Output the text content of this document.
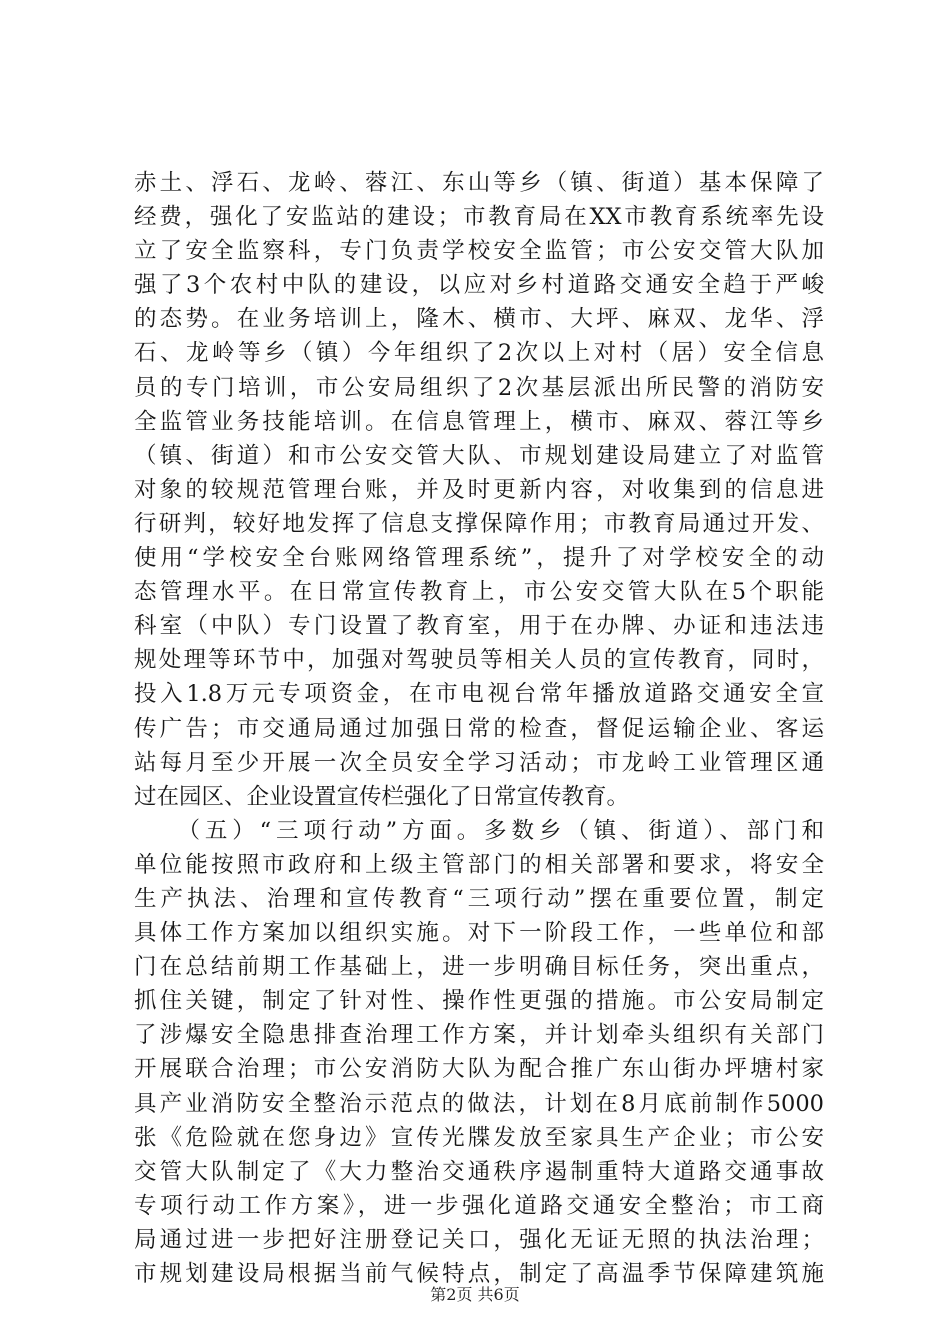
赤土、浮石、龙岭、蓉江、东山等乡（镇、街道）基本保障了
经费，强化了安监站的建设；市教育局在XX市教育系统率先设
立了安全监察科，专门负责学校安全监管；市公安交管大队加
强了3个农村中队的建设，以应对乡村道路交通安全趋于严峻
的态势。在业务培训上，隆木、横市、大坪、麻双、龙华、浮
石、龙岭等乡（镇）今年组织了2次以上对村（居）安全信息
员的专门培训，市公安局组织了2次基层派出所民警的消防安
全监管业务技能培训。在信息管理上，横市、麻双、蓉江等乡
（镇、街道）和市公安交管大队、市规划建设局建立了对监管
对象的较规范管理台账，并及时更新内容，对收集到的信息进
行研判，较好地发挥了信息支撑保障作用；市教育局通过开发、
使用“学校安全台账网络管理系统”，提升了对学校安全的动
态管理水平。在日常宣传教育上，市公安交管大队在5个职能
科室（中队）专门设置了教育室，用于在办牌、办证和违法违
规处理等环节中，加强对驾驶员等相关人员的宣传教育，同时，
投入1.8万元专项资金，在市电视台常年播放道路交通安全宣
传广告；市交通局通过加强日常的检查，督促运输企业、客运
站每月至少开展一次全员安全学习活动；市龙岭工业管理区通
过在园区、企业设置宣传栏强化了日常宣传教育。
　　（五）“三项行动”方面。多数乡（镇、街道）、部门和
单位能按照市政府和上级主管部门的相关部署和要求，将安全
生产执法、治理和宣传教育“三项行动”摆在重要位置，制定
具体工作方案加以组织实施。对下一阶段工作，一些单位和部
门在总结前期工作基础上，进一步明确目标任务，突出重点，
抓住关键，制定了针对性、操作性更强的措施。市公安局制定
了涉爆安全隐患排查治理工作方案，并计划牵头组织有关部门
开展联合治理；市公安消防大队为配合推广东山街办坪塘村家
具产业消防安全整治示范点的做法，计划在8月底前制作5000
张《危险就在您身边》宣传光牒发放至家具生产企业；市公安
交管大队制定了《大力整治交通秩序遏制重特大道路交通事故
专项行动工作方案》，进一步强化道路交通安全整治；市工商
局通过进一步把好注册登记关口，强化无证无照的执法治理；
市规划建设局根据当前气候特点，制定了高温季节保障建筑施
第2页 共6页
